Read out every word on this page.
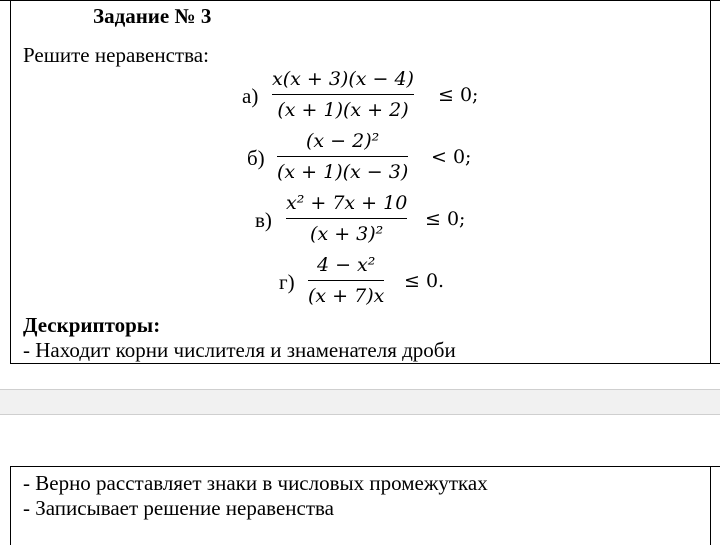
Задание № 3
Решите неравенства:
а)
x(x + 3)(x − 4)
(x + 1)(x + 2)
≤ 0;
б)
(x − 2)²
(x + 1)(x − 3)
< 0;
в)
x² + 7x + 10
(x + 3)²
≤ 0;
г)
4 − x²
(x + 7)x
≤ 0.
Дескрипторы:
- Находит корни числителя и знаменателя дроби
- Верно расставляет знаки в числовых промежутках
- Записывает решение неравенства
